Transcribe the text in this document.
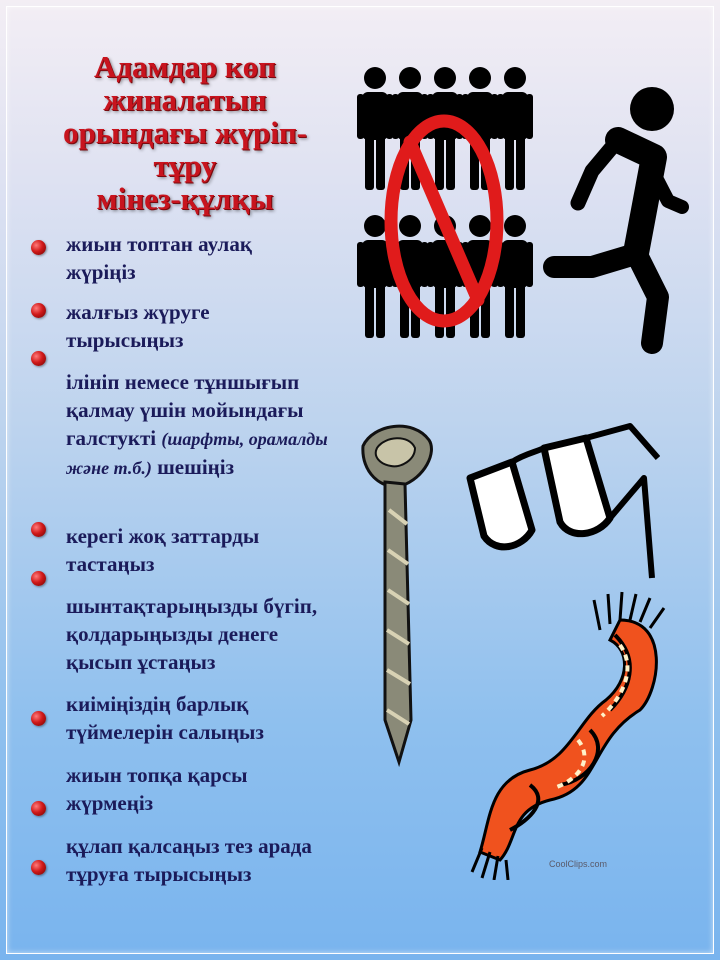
Адамдар көп
жиналатын
орындағы жүріп-
тұру
мінез-құлқы
жиын топтан аулақ жүріңіз
жалғыз жүруге тырысыңыз
ілініп немесе тұншығып қалмау үшін мойындағы галстукті (шарфты, орамалды және т.б.) шешіңіз
керегі жоқ заттарды тастаңыз
шынтақтарыңызды бүгіп, қолдарыңызды денеге қысып ұстаңыз
киіміңіздің барлық түймелерін салыңыз
жиын топқа қарсы жүрмеңіз
құлап қалсаңыз тез арада тұруға тырысыңыз	CoolClips.com
